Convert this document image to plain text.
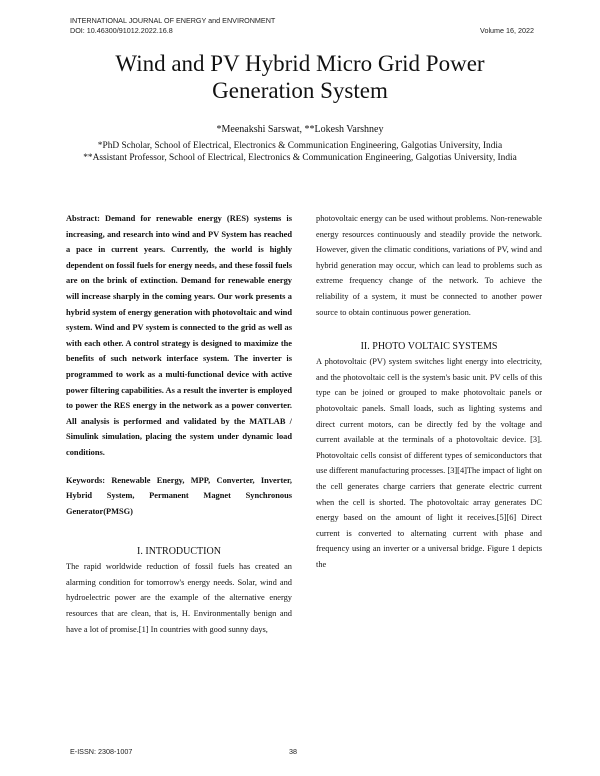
INTERNATIONAL JOURNAL OF ENERGY and ENVIRONMENT
DOI: 10.46300/91012.2022.16.8	Volume 16, 2022
Wind and PV Hybrid Micro Grid Power
Generation System
*Meenakshi Sarswat, **Lokesh Varshney
*PhD Scholar, School of Electrical, Electronics & Communication Engineering, Galgotias University, India
**Assistant Professor, School of Electrical, Electronics & Communication Engineering, Galgotias University, India

Abstract: Demand for renewable energy (RES) systems is increasing, and research into wind and PV System has reached a pace in current years. Currently, the world is highly dependent on fossil fuels for energy needs, and these fossil fuels are on the brink of extinction. Demand for renewable energy will increase sharply in the coming years. Our work presents a hybrid system of energy generation with photovoltaic and wind system. Wind and PV system is connected to the grid as well as with each other. A control strategy is designed to maximize the benefits of such network interface system. The inverter is programmed to work as a multi-functional device with active power filtering capabilities. As a result the inverter is employed to power the RES energy in the network as a power converter. All analysis is performed and validated by the MATLAB / Simulink simulation, placing the system under dynamic load conditions.

Keywords: Renewable Energy, MPP, Converter, Inverter, Hybrid System, Permanent Magnet Synchronous Generator(PMSG)

I. INTRODUCTION

The rapid worldwide reduction of fossil fuels has created an alarming condition for tomorrow's energy needs. Solar, wind and hydroelectric power are the example of the alternative energy resources that are clean, that is, H. Environmentally benign and have a lot of promise.[1] In countries with good sunny days,

photovoltaic energy can be used without problems. Non-renewable energy resources continuously and steadily provide the network. However, given the climatic conditions, variations of PV, wind and hybrid generation may occur, which can lead to problems such as extreme frequency change of the network. To achieve the reliability of a system, it must be connected to another power source to obtain continuous power generation.

II. PHOTO VOLTAIC SYSTEMS

A photovoltaic (PV) system switches light energy into electricity, and the photovoltaic cell is the system's basic unit. PV cells of this type can be joined or grouped to make photovoltaic panels or photovoltaic panels. Small loads, such as lighting systems and direct current motors, can be directly fed by the voltage and current available at the terminals of a photovoltaic device. [3]. Photovoltaic cells consist of different types of semiconductors that use different manufacturing processes. [3][4]The impact of light on the cell generates charge carriers that generate electric current when the cell is shorted. The photovoltaic array generates DC energy based on the amount of light it receives.[5][6] Direct current is converted to alternating current with phase and frequency using an inverter or a universal bridge. Figure 1 depicts the

E-ISSN: 2308-1007	38
